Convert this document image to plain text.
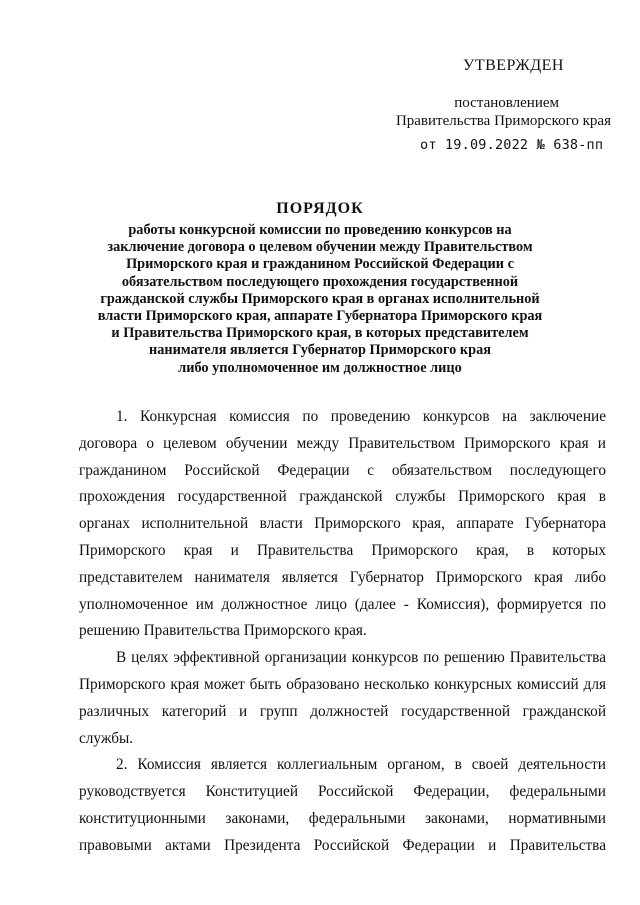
УТВЕРЖДЕН
постановлением
Правительства Приморского края
от 19.09.2022 № 638-пп
ПОРЯДОК
работы конкурсной комиссии по проведению конкурсов на
заключение договора о целевом обучении между Правительством
Приморского края и гражданином Российской Федерации с
обязательством последующего прохождения государственной
гражданской службы Приморского края в органах исполнительной
власти Приморского края, аппарате Губернатора Приморского края
и Правительства Приморского края, в которых представителем
нанимателя является Губернатор Приморского края
либо уполномоченное им должностное лицо
1. Конкурсная комиссия по проведению конкурсов на заключение
договора о целевом обучении между Правительством Приморского края и
гражданином Российской Федерации с обязательством последующего
прохождения государственной гражданской службы Приморского края в
органах исполнительной власти Приморского края, аппарате Губернатора
Приморского края и Правительства Приморского края, в которых
представителем нанимателя является Губернатор Приморского края либо
уполномоченное им должностное лицо (далее - Комиссия), формируется по
решению Правительства Приморского края.
В целях эффективной организации конкурсов по решению Правительства
Приморского края может быть образовано несколько конкурсных комиссий для
различных категорий и групп должностей государственной гражданской
службы.
2. Комиссия является коллегиальным органом, в своей деятельности
руководствуется Конституцией Российской Федерации, федеральными
конституционными законами, федеральными законами, нормативными
правовыми актами Президента Российской Федерации и Правительства
